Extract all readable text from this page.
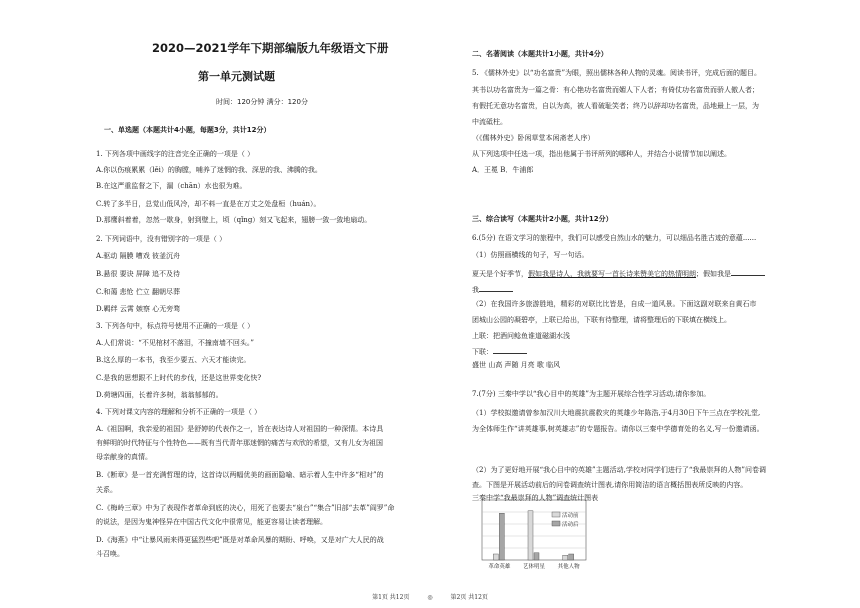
2020—2021学年下期部编版九年级语文下册
第一单元测试题
时间：120分钟 满分：120分
一、单选题（本题共计4小题，每题3分，共计12分）
1. 下列各项中画线字的注音完全正确的一项是（ ）
A.你以伤痕累累（lěi）的胸膛，哺养了迷惘的我、深思的我、沸腾的我。
B.在这严重监督之下，漏（chān）水也很为难。
C.转了多半日，总觉山低风冷，却不料一直是在万丈之处盘桓（huán）。
D.那鹰斜着着，忽然一歇身，射到壁上，顷（qǐng）刻又飞起来，翅膀一敛一敛地扇动。
2. 下列词语中，没有错别字的一项是（ ）
A.驱动 隔膜 嘈戏 彼釜沉舟
B.悬很 要诀 屏障 追不及待
C.和蔼 悲怆 伫立 翻朝尽葬
D.羁绊 云霄 嫉察 心无旁骛
3. 下列各句中，标点符号使用不正确的一项是（ ）
A.人们常说：“不见棺材不落泪，不撞南墙不回头。”
B.这么厚的一本书，我至少要五、六天才能读完。
C.是我的思想跟不上时代的步伐，还是这世界变化快?
D.荷塘四面，长着许多树，翁翁郁郁的。
4. 下列对课文内容的理解和分析不正确的一项是（ ）
A.《祖国啊，我亲爱的祖国》是舒婷的代表作之一，旨在表达诗人对祖国的一种深情。本诗具
有鲜明的时代特征与个性特色——既有当代青年那迷惘的痛苦与欢欣的希望，又有儿女为祖国
母亲献身的真情。
B.《断章》是一首充满哲理的诗，这首诗以两幅优美的画面隐喻、暗示着人生中许多“相对”的
关系。
C.《梅岭三章》中为了表现作者革命到底的决心，用死了也要去“泉台”“集合”旧部“去革”阎罗”命
的说法，是因为鬼神怪异在中国古代文化中很常见，能更容易让读者理解。
D.《海燕》中“让暴风雨来得更猛烈些吧”既是对革命风暴的期盼、呼唤，又是对广大人民的战
斗召唤。
二、名著阅读（本题共计1小题，共计4分）
5. 《儒林外史》以“功名富贵”为眼，照出儒林各种人物的灵魂。阅读书评，完成后面的题目。
其书以功名富贵为一篇之骨：有心艳功名富贵而媚人下人者；有倚仗功名富贵而骄人傲人者；
有假托无意功名富贵，自以为高，被人看破耻笑者；终乃以辞却功名富贵，品地最上一层，为
中流砥柱。
（《儒林外史》卧闲草堂本闲斋老人序）
从下列选项中任选一项，指出他属于书评所列的哪种人，并结合小说情节加以阐述。
A．王冕 B．牛浦郎
三、综合读写（本题共计2小题，共计12分）
6.(5分) 在语文学习的旅程中，我们可以感受自然山水的魅力，可以细品名胜古迹的意蕴......
（1）仿照画横线的句子，写一句话。
夏天是个好季节，假如我是诗人，我就要写一首长诗来赞美它的热情明朗；假如我是
我
（2）在我国许多旅游胜地，精彩的对联比比皆是，自成一道风景。下面这副对联来自黄石市
团城山公园的凝碧亭，上联已给出，下联有待整理，请将整理后的下联填在横线上。
上联：把酒问鲶鱼谁道磁湖水浅
下联：
盛世 山高 声随 月亮 歌 临风
7.(7分) 三秦中学以“我心目中的英雄”为主题开展综合性学习活动,请你参加。
（1）学校拟邀请曾参加汉川大地震抗震救灾的英雄少年陈浩,于4月30日下午三点在学校礼堂,
为全体师生作“讲英雄事,树英雄志”的专题报告。请你以三秦中学德育处的名义,写一份邀请函。
（2）为了更好地开展“我心目中的英雄”主题活动,学校对同学们进行了“我最崇拜的人物”问卷调
查。下图是开展活动前后的问卷调查统计图表,请你用简洁的语言概括图表所反映的内容。
三秦中学“我最崇拜的人物”调查统计图表
革命英雄 艺体明星 其他人物
活动前
活动后
第1页 共12页	◎	第2页 共12页
